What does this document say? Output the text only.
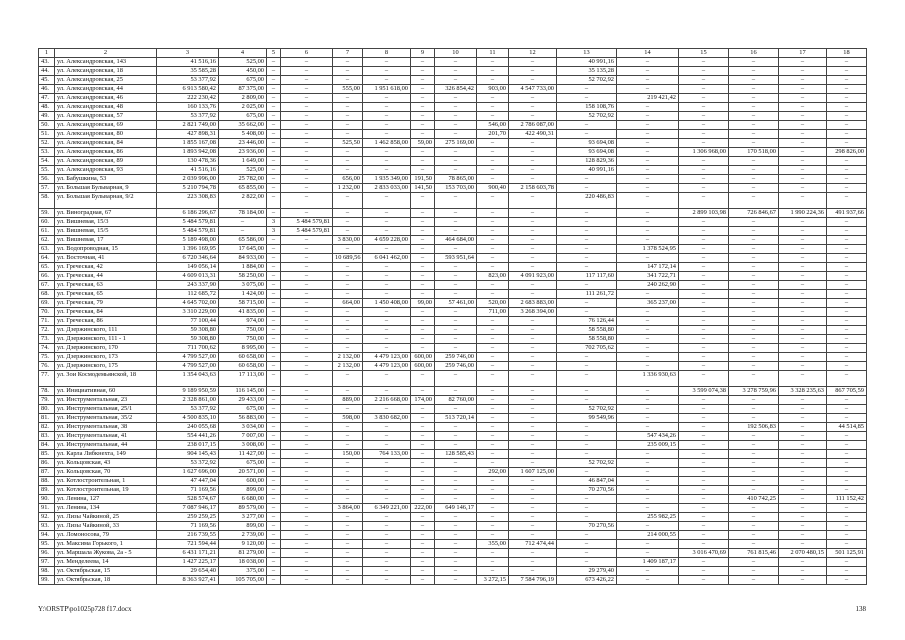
1	2	3	4	5	6	7	8	9	10	11	12	13	14	15	16	17	18
43.	ул. Александровская, 143	41 516,16	525,00	–	–	–	–	–	–	–	–	40 991,16	–	–	–	–	–
44.	ул. Александровская, 18	35 585,28	450,00	–	–	–	–	–	–	–	–	35 135,28	–	–	–	–	–
45.	ул. Александровская, 25	53 377,92	675,00	–	–	–	–	–	–	–	–	52 702,92	–	–	–	–	–
46.	ул. Александровская, 44	6 913 580,42	87 375,00	–	–	555,00	1 951 618,00	–	326 854,42	903,00	4 547 733,00	–	–	–	–	–	–
47.	ул. Александровская, 46	222 230,42	2 809,00	–	–	–	–	–	–	–	–	–	219 421,42	–	–	–	–
48.	ул. Александровская, 48	160 133,76	2 025,00	–	–	–	–	–	–	–	–	158 108,76	–	–	–	–	–
49.	ул. Александровская, 57	53 377,92	675,00	–	–	–	–	–	–	–	–	52 702,92	–	–	–	–	–
50.	ул. Александровская, 69	2 821 749,00	35 662,00	–	–	–	–	–	–	546,00	2 786 087,00	–	–	–	–	–	–
51.	ул. Александровская, 80	427 898,31	5 408,00	–	–	–	–	–	–	201,70	422 490,31	–	–	–	–	–	–
52.	ул. Александровская, 84	1 855 167,08	23 446,00	–	–	525,50	1 462 858,00	59,00	275 169,00	–	–	93 694,08	–	–	–	–	–
53.	ул. Александровская, 86	1 893 942,08	23 936,00	–	–	–	–	–	–	–	–	93 694,08	–	1 306 968,00	170 518,00	–	298 826,00
54.	ул. Александровская, 89	130 478,36	1 649,00	–	–	–	–	–	–	–	–	128 829,36	–	–	–	–	–
55.	ул. Александровская, 93	41 516,16	525,00	–	–	–	–	–	–	–	–	40 991,16	–	–	–	–	–
56.	ул. Бабушкина, 53	2 039 996,00	25 782,00	–	–	656,00	1 935 349,00	191,50	78 865,00	–	–	–	–	–	–	–	–
57.	ул. Большая Бульварная, 9	5 210 794,78	65 855,00	–	–	1 232,00	2 833 033,00	141,50	153 703,00	900,40	2 158 603,78	–	–	–	–	–	–
58.	ул. Большая Бульварная, 9/2	223 308,83	2 822,00	–	–	–	–	–	–	–	–	220 486,83	–	–	–	–	–
59.	ул. Виноградная, 67	6 186 296,67	78 184,00	–	–	–	–	–	–	–	–	–	–	2 899 103,98	726 846,67	1 990 224,36	491 937,66
60.	ул. Вишневая, 15/3	5 484 579,81	–	3	5 484 579,81	–	–	–	–	–	–	–	–	–	–	–	–
61.	ул. Вишневая, 15/5	5 484 579,81	–	3	5 484 579,81	–	–	–	–	–	–	–	–	–	–	–	–
62.	ул. Вишневая, 17	5 189 498,00	65 586,00	–	–	3 830,00	4 659 228,00	–	464 684,00	–	–	–	–	–	–	–	–
63.	ул. Водопроводная, 15	1 396 169,95	17 645,00	–	–	–	–	–	–	–	–	–	1 378 524,95	–	–	–	–
64.	ул. Восточная, 41	6 720 346,64	84 933,00	–	–	10 689,56	6 041 462,00	–	593 951,64	–	–	–	–	–	–	–	–
65.	ул. Греческая, 42	149 056,14	1 884,00	–	–	–	–	–	–	–	–	–	147 172,14	–	–	–	–
66.	ул. Греческая, 44	4 609 013,31	58 250,00	–	–	–	–	–	–	823,00	4 091 923,00	117 117,60	341 722,71	–	–	–	–
67.	ул. Греческая, 63	243 337,90	3 075,00	–	–	–	–	–	–	–	–	–	240 262,90	–	–	–	–
68.	ул. Греческая, 65	112 685,72	1 424,00	–	–	–	–	–	–	–	–	111 261,72	–	–	–	–	–
69.	ул. Греческая, 79	4 645 702,00	58 715,00	–	–	664,00	1 450 408,00	99,00	57 461,00	520,00	2 683 883,00	–	365 237,00	–	–	–	–
70.	ул. Греческая, 84	3 310 229,00	41 835,00	–	–	–	–	–	–	711,00	3 268 394,00	–	–	–	–	–	–
71.	ул. Греческая, 86	77 100,44	974,00	–	–	–	–	–	–	–	–	76 126,44	–	–	–	–	–
72.	ул. Дзержинского, 111	59 308,80	750,00	–	–	–	–	–	–	–	–	58 558,80	–	–	–	–	–
73.	ул. Дзержинского, 111 - 1	59 308,80	750,00	–	–	–	–	–	–	–	–	58 558,80	–	–	–	–	–
74.	ул. Дзержинского, 170	711 700,62	8 995,00	–	–	–	–	–	–	–	–	702 705,62	–	–	–	–	–
75.	ул. Дзержинского, 173	4 799 527,00	60 658,00	–	–	2 132,00	4 479 123,00	600,00	259 746,00	–	–	–	–	–	–	–	–
76.	ул. Дзержинского, 175	4 799 527,00	60 658,00	–	–	2 132,00	4 479 123,00	600,00	259 746,00	–	–	–	–	–	–	–	–
77.	ул. Зои Космодемьянской, 18	1 354 043,63	17 113,00	–	–	–	–	–	–	–	–	–	1 336 930,63	–	–	–	–
78.	ул. Инициативная, 60	9 189 950,59	116 145,00	–	–	–	–	–	–	–	–	–	–	3 599 074,38	3 278 759,96	3 328 235,63	867 705,59
79.	ул. Инструментальная, 23	2 328 861,00	29 433,00	–	–	889,00	2 216 668,00	174,00	82 760,00	–	–	–	–	–	–	–	–
80.	ул. Инструментальная, 25/1	53 377,92	675,00	–	–	–	–	–	–	–	–	52 702,92	–	–	–	–	–
81.	ул. Инструментальная, 35/2	4 500 835,10	56 883,00	–	–	598,00	3 830 682,00	–	513 720,14	–	–	99 549,96	–	–	–	–	–
82.	ул. Инструментальная, 38	240 055,68	3 034,00	–	–	–	–	–	–	–	–	–	–	–	192 506,83	–	44 514,85
83.	ул. Инструментальная, 41	554 441,26	7 007,00	–	–	–	–	–	–	–	–	–	547 434,26	–	–	–	–
84.	ул. Инструментальная, 44	238 017,15	3 008,00	–	–	–	–	–	–	–	–	–	235 009,15	–	–	–	–
85.	ул. Карла Либкнехта, 149	904 145,43	11 427,00	–	–	150,00	764 133,00	–	128 585,43	–	–	–	–	–	–	–	–
86.	ул. Кольцовская, 43	53 372,92	675,00	–	–	–	–	–	–	–	–	52 702,92	–	–	–	–	–
87.	ул. Кольцовская, 70	1 627 696,00	20 571,00	–	–	–	–	–	–	292,00	1 607 125,00	–	–	–	–	–	–
88.	ул. Котлостроительная, 1	47 447,04	600,00	–	–	–	–	–	–	–	–	46 847,04	–	–	–	–	–
89.	ул. Котлостроительная, 19	71 169,56	899,00	–	–	–	–	–	–	–	–	70 270,56	–	–	–	–	–
90.	ул. Ленина, 127	528 574,67	6 680,00	–	–	–	–	–	–	–	–	–	–	–	410 742,25	–	111 152,42
91.	ул. Ленина, 134	7 087 946,17	89 579,00	–	–	3 864,00	6 349 221,00	222,00	649 146,17	–	–	–	–	–	–	–	–
92.	ул. Лизы Чайкиной, 25	259 259,25	3 277,00	–	–	–	–	–	–	–	–	–	255 982,25	–	–	–	–
93.	ул. Лизы Чайкиной, 33	71 169,56	899,00	–	–	–	–	–	–	–	–	70 270,56	–	–	–	–	–
94.	ул. Ломоносова, 79	216 739,55	2 739,00	–	–	–	–	–	–	–	–	–	214 000,55	–	–	–	–
95.	ул. Максима Горького, 1	721 594,44	9 120,00	–	–	–	–	–	–	355,00	712 474,44	–	–	–	–	–	–
96.	ул. Маршала Жукова, 2а - 5	6 431 171,21	81 279,00	–	–	–	–	–	–	–	–	–	–	3 016 470,69	761 815,46	2 070 480,15	501 125,91
97.	ул. Менделеева, 14	1 427 225,17	18 038,00	–	–	–	–	–	–	–	–	–	1 409 187,17	–	–	–	–
98.	ул. Октябрьская, 15	29 654,40	375,00	–	–	–	–	–	–	–	–	29 279,40	–	–	–	–	–
99.	ул. Октябрьская, 18	8 363 927,41	105 705,00	–	–	–	–	–	–	3 272,15	7 584 796,19	673 426,22	–	–	–	–	–
Y:\ORSTP\po1025p728 f17.docx	138
